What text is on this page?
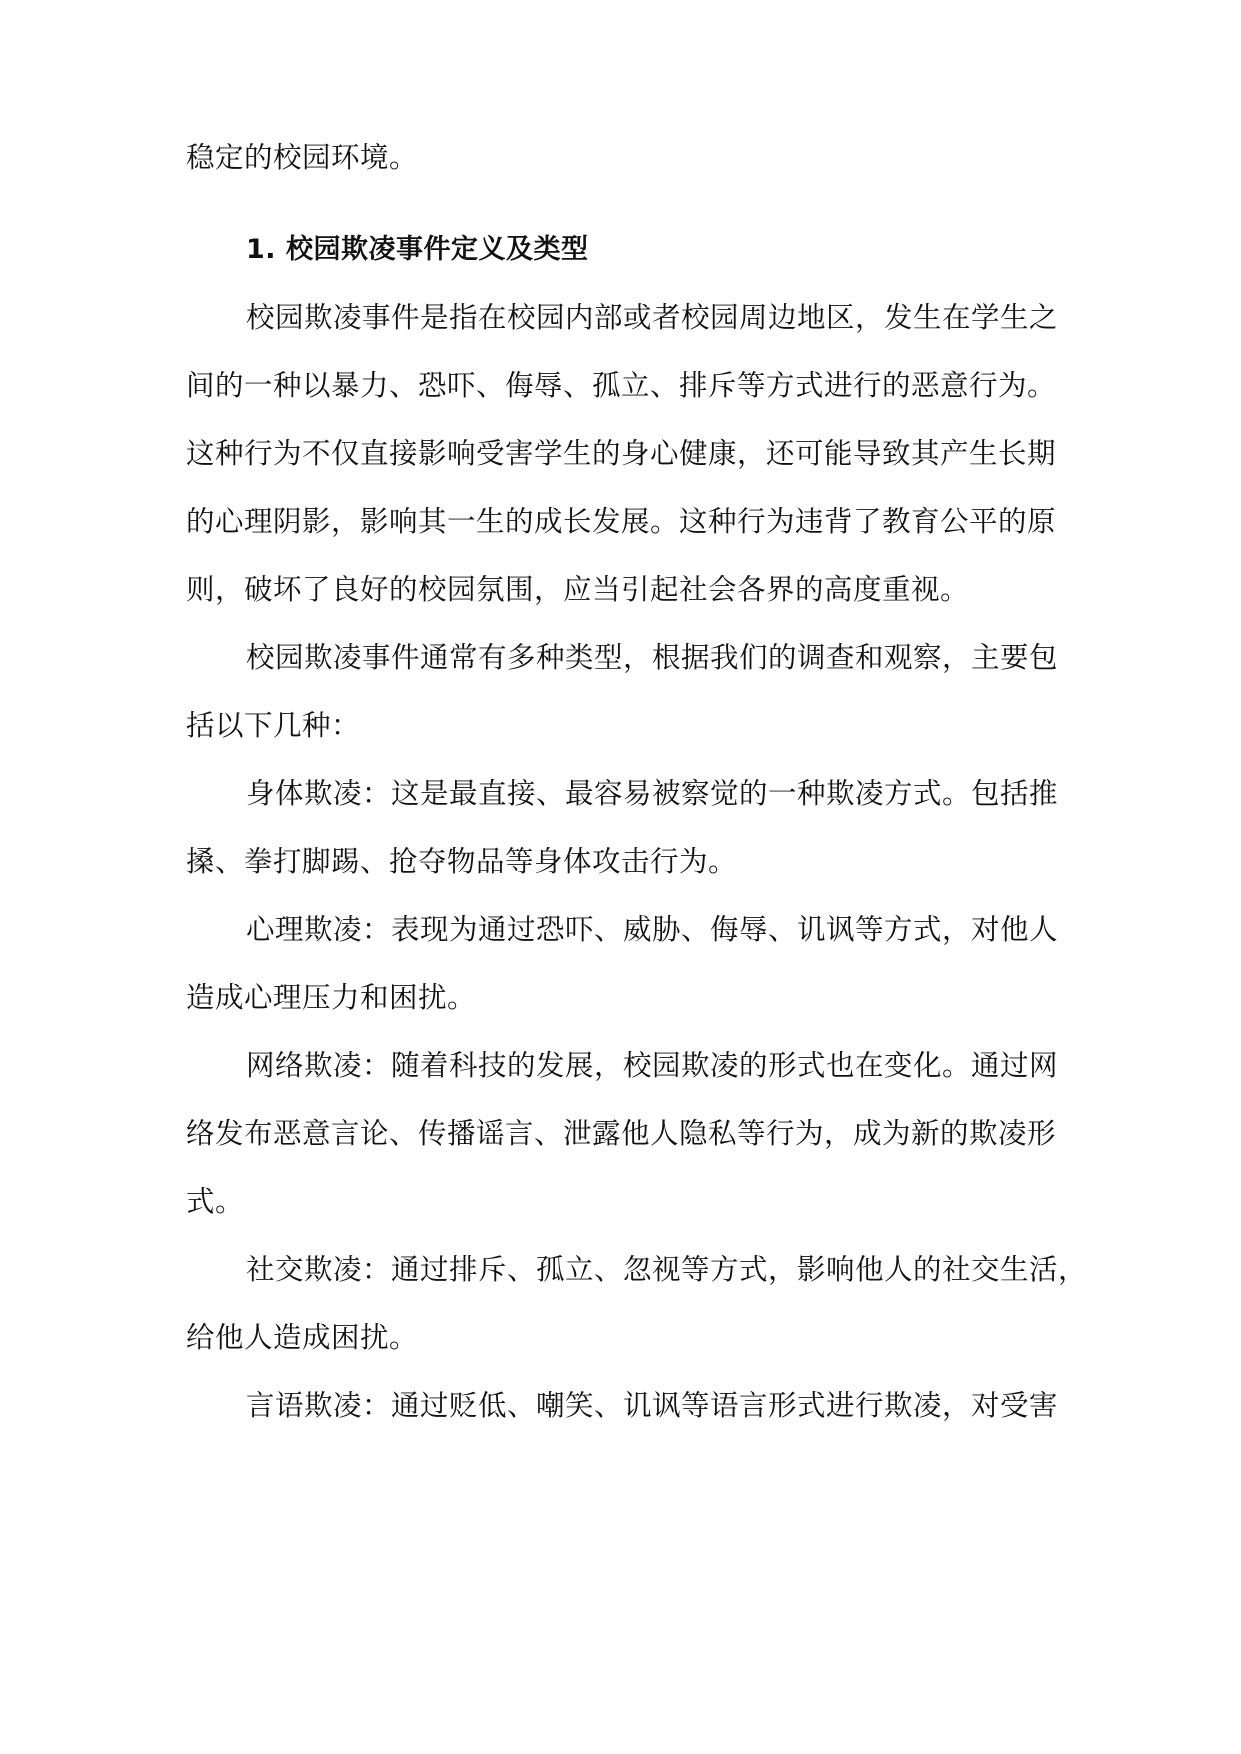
稳定的校园环境。
1. 校园欺凌事件定义及类型
校园欺凌事件是指在校园内部或者校园周边地区，发生在学生之
间的一种以暴力、恐吓、侮辱、孤立、排斥等方式进行的恶意行为。
这种行为不仅直接影响受害学生的身心健康，还可能导致其产生长期
的心理阴影，影响其一生的成长发展。这种行为违背了教育公平的原
则，破坏了良好的校园氛围，应当引起社会各界的高度重视。
校园欺凌事件通常有多种类型，根据我们的调查和观察，主要包
括以下几种：
身体欺凌：这是最直接、最容易被察觉的一种欺凌方式。包括推
搡、拳打脚踢、抢夺物品等身体攻击行为。
心理欺凌：表现为通过恐吓、威胁、侮辱、讥讽等方式，对他人
造成心理压力和困扰。
网络欺凌：随着科技的发展，校园欺凌的形式也在变化。通过网
络发布恶意言论、传播谣言、泄露他人隐私等行为，成为新的欺凌形
式。
社交欺凌：通过排斥、孤立、忽视等方式，影响他人的社交生活，
给他人造成困扰。
言语欺凌：通过贬低、嘲笑、讥讽等语言形式进行欺凌，对受害
